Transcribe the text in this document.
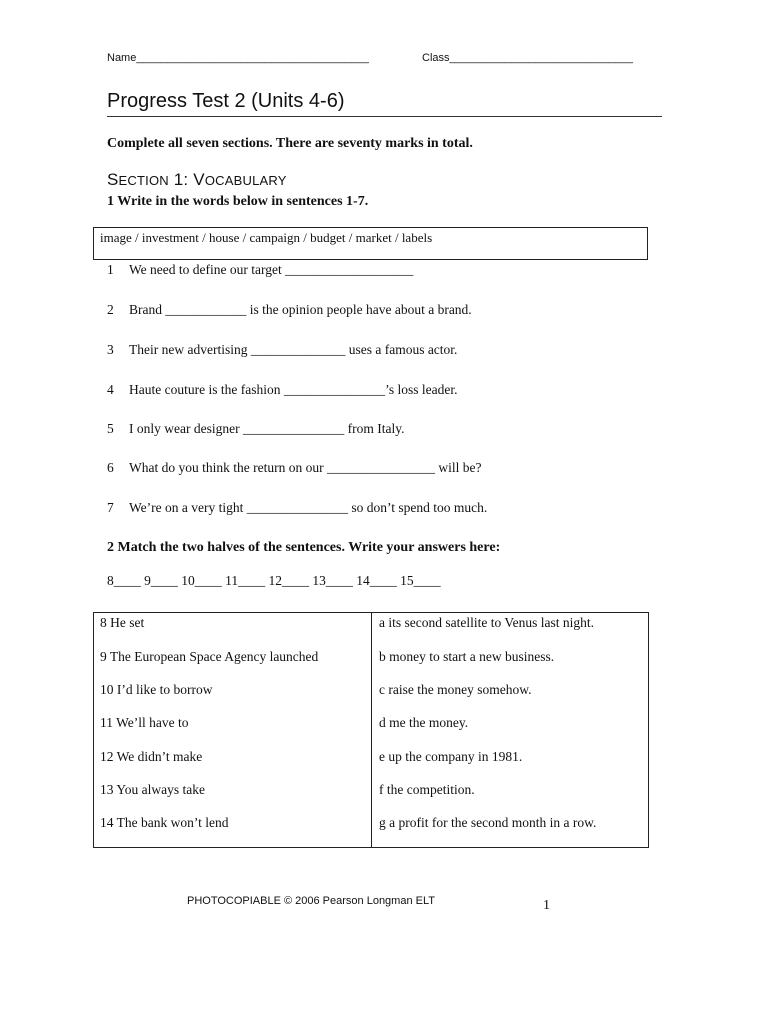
Name______________________________________	Class______________________________
Progress Test 2 (Units 4-6)
Complete all seven sections. There are seventy marks in total.
SECTION 1: VOCABULARY
1 Write in the words below in sentences 1-7.
image / investment / house / campaign / budget / market / labels
1 We need to define our target ___________________
2 Brand ____________ is the opinion people have about a brand.
3 Their new advertising ______________ uses a famous actor.
4 Haute couture is the fashion _______________’s loss leader.
5 I only wear designer _______________ from Italy.
6 What do you think the return on our ________________ will be?
7 We’re on a very tight _______________ so don’t spend too much.
2 Match the two halves of the sentences. Write your answers here:
8____ 9____ 10____ 11____ 12____ 13____ 14____ 15____
8 He set
9 The European Space Agency launched
10 I’d like to borrow
11 We’ll have to
12 We didn’t make
13 You always take
14 The bank won’t lend
a its second satellite to Venus last night.
b money to start a new business.
c raise the money somehow.
d me the money.
e up the company in 1981.
f the competition.
g a profit for the second month in a row.
PHOTOCOPIABLE © 2006 Pearson Longman ELT	1
